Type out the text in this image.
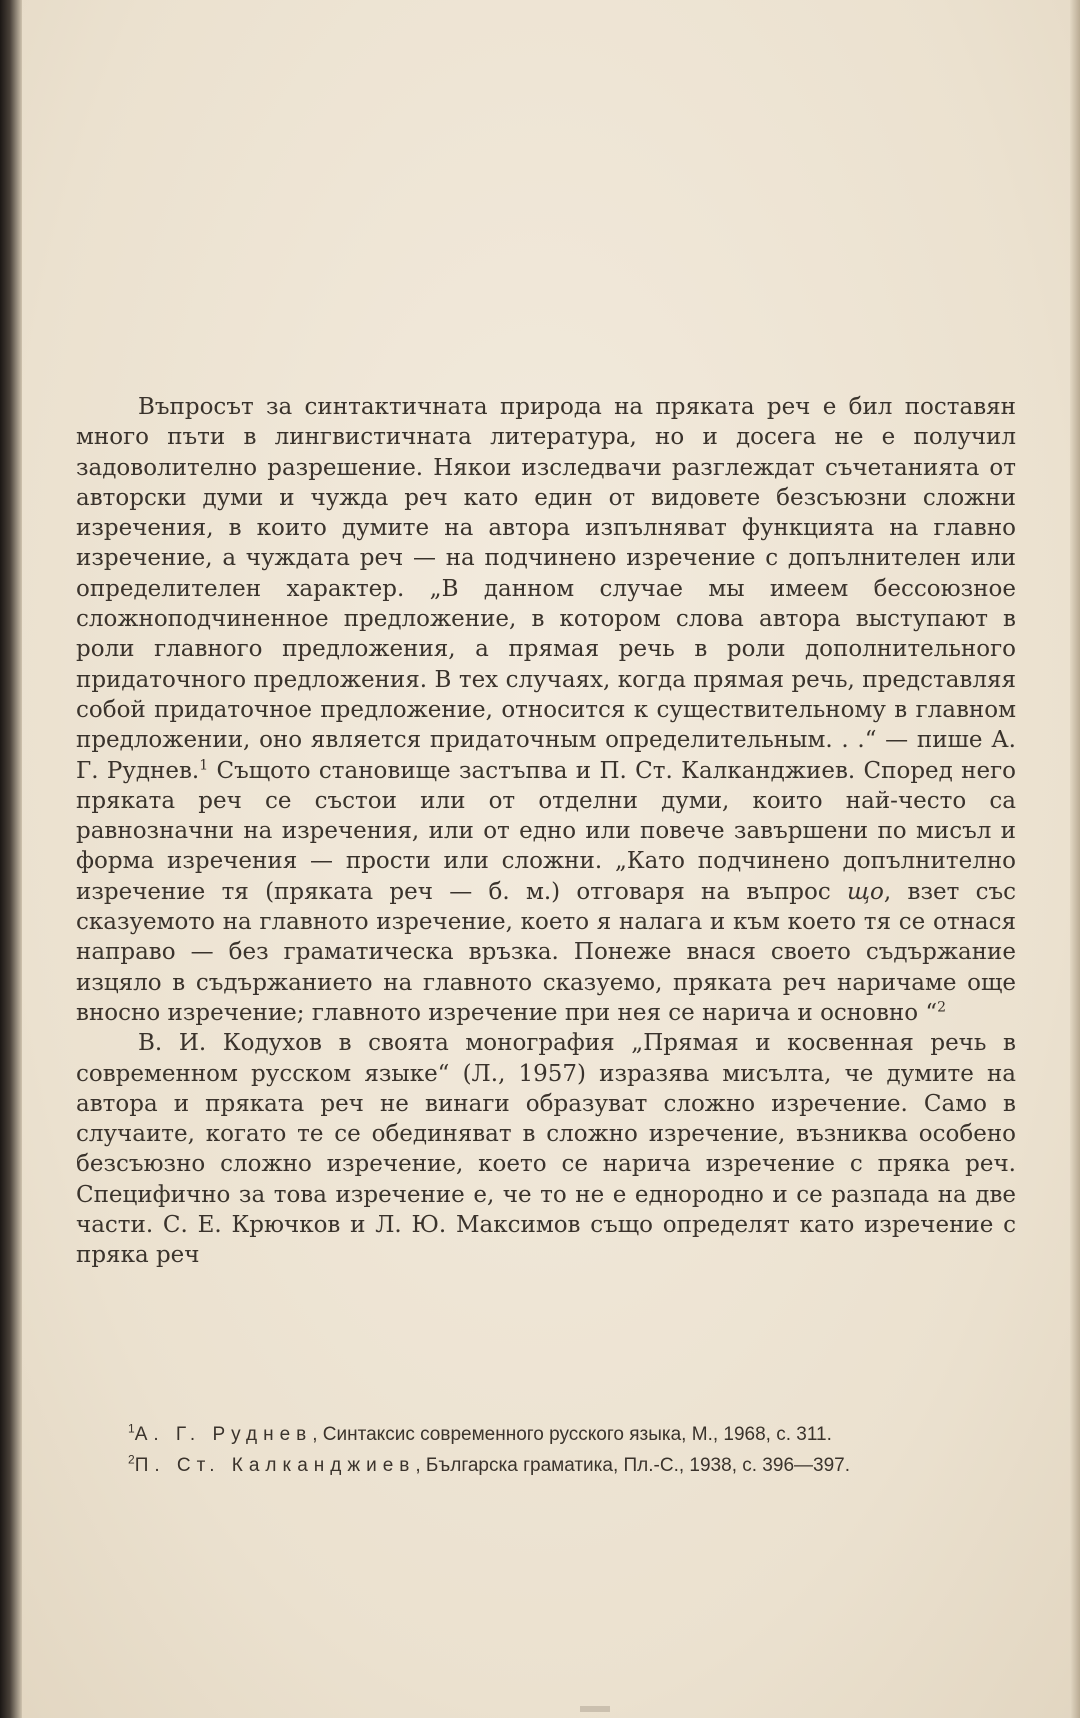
Въпросът за синтактичната природа на пряката реч е бил поставян много пъти в лингвистичната литература, но и досега не е получил задоволително разрешение. Някои изследвачи разглеждат съчетанията от авторски думи и чужда реч като един от видовете безсъюзни сложни изречения, в които думите на автора изпълняват функцията на главно изречение, а чуждата реч — на подчинено изречение с допълнителен или определителен характер. „В данном случае мы имеем бессоюзное сложноподчиненное предложение, в котором слова автора выступают в роли главного предложения, а прямая речь в роли дополнительного придаточного предложения. В тех случаях, когда прямая речь, представляя собой придаточное предложение, относится к существительному в главном предложении, оно является придаточным определительным. . .“ — пише А. Г. Руднев.$^1$ Същото становище застъпва и П. Ст. Калканджиев. Според него пряката реч се състои или от отделни думи, които най-често са равнозначни на изречения, или от едно или повече завършени по мисъл и форма изречения — прости или сложни. „Като подчинено допълнително изречение тя (пряката реч — б. м.) отговаря на въпрос що, взет със сказуемото на главното изречение, което я налага и към което тя се отнася направо — без граматическа връзка. Понеже внася своето съдържание изцяло в съдържанието на главното сказуемо, пряката реч наричаме още вносно изречение; главното изречение при нея се нарича и основно “$^2$

В. И. Кодухов в своята монография „Прямая и косвенная речь в современном русском языке“ (Л., 1957) изразява мисълта, че думите на автора и пряката реч не винаги образуват сложно изречение. Само в случаите, когато те се обединяват в сложно изречение, възниква особено безсъюзно сложно изречение, което се нарича изречение с пряка реч. Специфично за това изречение е, че то не е еднородно и се разпада на две части. С. Е. Крючков и Л. Ю. Максимов също определят като изречение с пряка реч

$^1$А. Г. Руднев, Синтаксис современного русского языка, М., 1968, с. 311.

$^2$П. Ст. Калканджиев, Българска граматика, Пл.-С., 1938, с. 396—397.
